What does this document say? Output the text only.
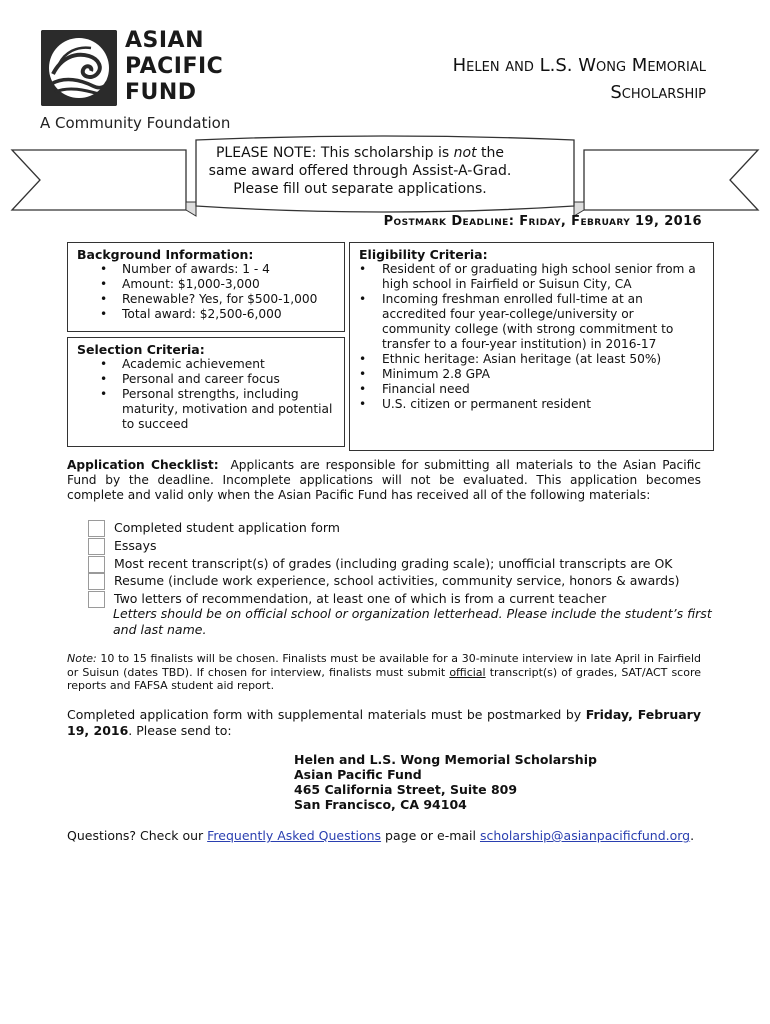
ASIAN
PACIFIC
FUND
A Community Foundation
Helen and L.S. Wong Memorial
Scholarship
PLEASE NOTE: This scholarship is not the
same award offered through Assist-A-Grad.
Please fill out separate applications.
Postmark Deadline: Friday, February 19, 2016
Background Information:
• Number of awards: 1 - 4
• Amount: $1,000-3,000
• Renewable? Yes, for $500-1,000
• Total award: $2,500-6,000
Selection Criteria:
• Academic achievement
• Personal and career focus
• Personal strengths, including maturity, motivation and potential to succeed
Eligibility Criteria:
• Resident of or graduating high school senior from a high school in Fairfield or Suisun City, CA
• Incoming freshman enrolled full-time at an accredited four year-college/university or community college (with strong commitment to transfer to a four-year institution) in 2016-17
• Ethnic heritage: Asian heritage (at least 50%)
• Minimum 2.8 GPA
• Financial need
• U.S. citizen or permanent resident
Application Checklist: Applicants are responsible for submitting all materials to the Asian Pacific Fund by the deadline. Incomplete applications will not be evaluated. This application becomes complete and valid only when the Asian Pacific Fund has received all of the following materials:
Completed student application form
Essays
Most recent transcript(s) of grades (including grading scale); unofficial transcripts are OK
Resume (include work experience, school activities, community service, honors & awards)
Two letters of recommendation, at least one of which is from a current teacher
Letters should be on official school or organization letterhead. Please include the student’s first and last name.
Note: 10 to 15 finalists will be chosen. Finalists must be available for a 30-minute interview in late April in Fairfield or Suisun (dates TBD). If chosen for interview, finalists must submit official transcript(s) of grades, SAT/ACT score reports and FAFSA student aid report.
Completed application form with supplemental materials must be postmarked by Friday, February 19, 2016. Please send to:
Helen and L.S. Wong Memorial Scholarship
Asian Pacific Fund
465 California Street, Suite 809
San Francisco, CA 94104
Questions? Check our Frequently Asked Questions page or e-mail scholarship@asianpacificfund.org.
